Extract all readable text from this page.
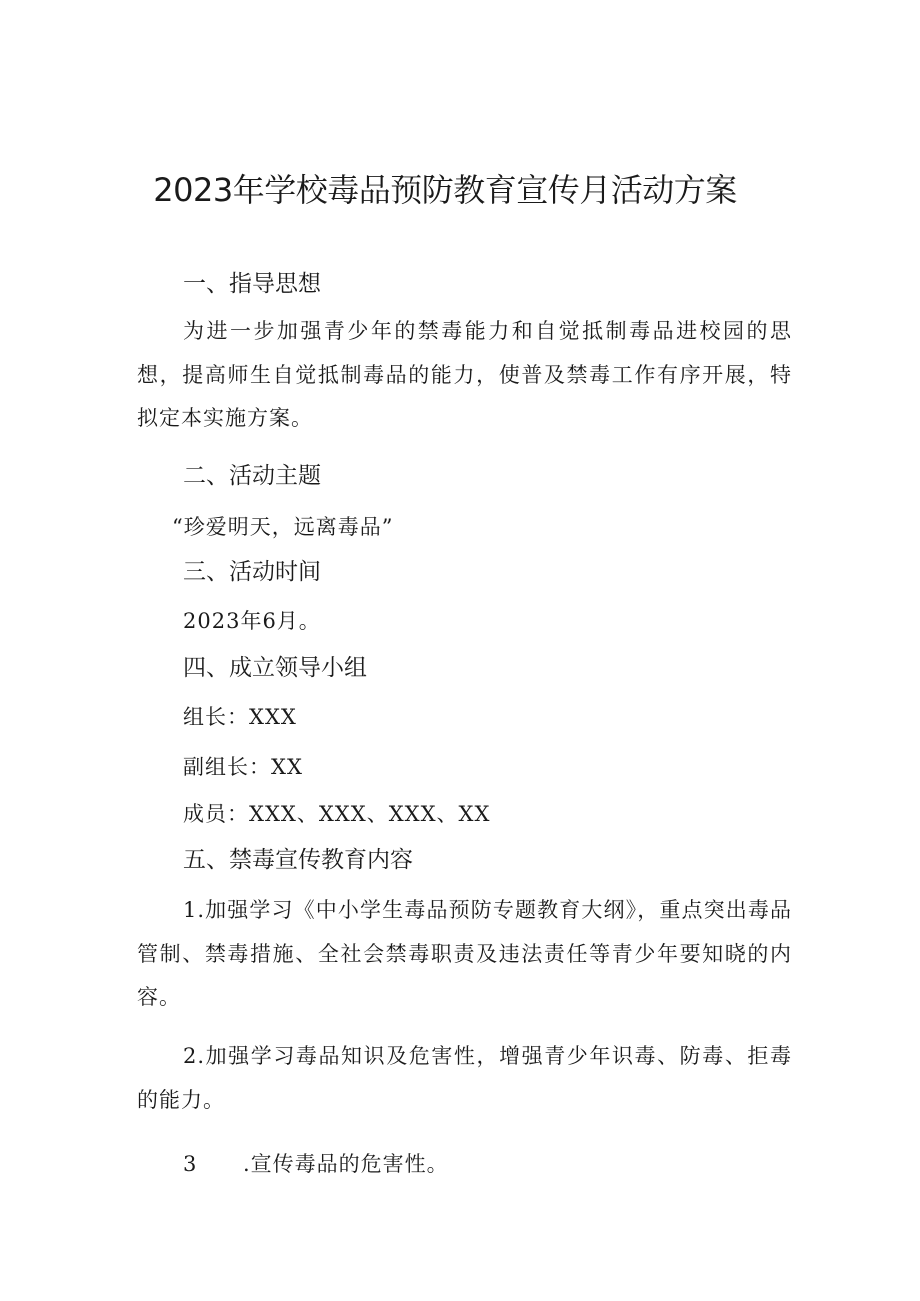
2023年学校毒品预防教育宣传月活动方案
一、指导思想
为进一步加强青少年的禁毒能力和自觉抵制毒品进校园的思想，提高师生自觉抵制毒品的能力，使普及禁毒工作有序开展，特拟定本实施方案。
二、活动主题
“珍爱明天，远离毒品”
三、活动时间
2023年6月。
四、成立领导小组
组长：XXX
副组长：XX
成员：XXX、XXX、XXX、XX
五、禁毒宣传教育内容
1.加强学习《中小学生毒品预防专题教育大纲》，重点突出毒品管制、禁毒措施、全社会禁毒职责及违法责任等青少年要知晓的内容。
2.加强学习毒品知识及危害性，增强青少年识毒、防毒、拒毒的能力。
3 .宣传毒品的危害性。
